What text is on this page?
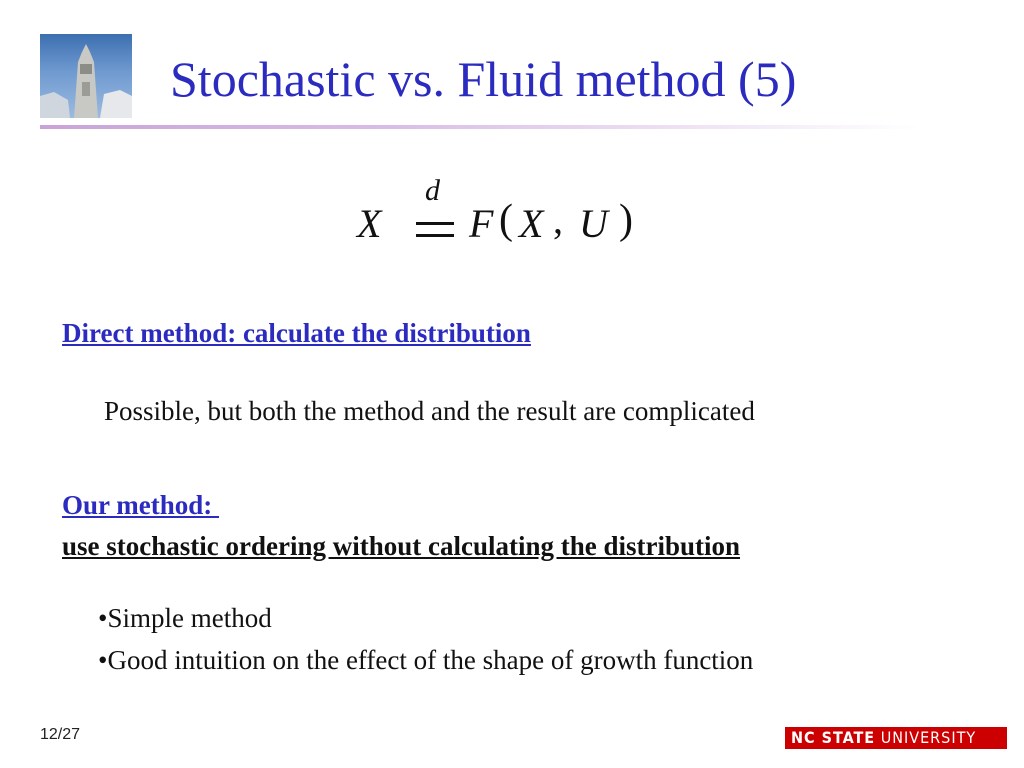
Stochastic vs. Fluid method (5)
X
d
F ( X , U )
Direct method: calculate the distribution
Possible, but both the method and the result are complicated
Our method:
use stochastic ordering without calculating the distribution
•Simple method
•Good intuition on the effect of the shape of growth function
12/27	NC STATE UNIVERSITY
